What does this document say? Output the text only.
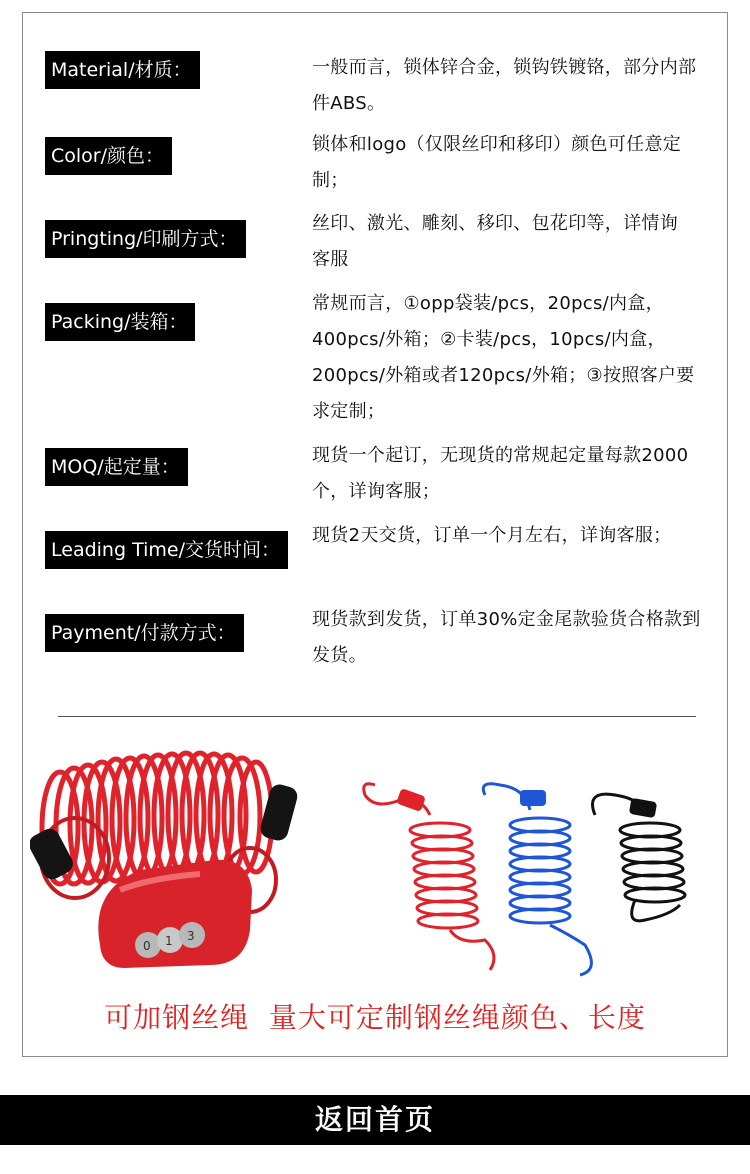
Material/材质：	一般而言，锁体锌合金，锁钩铁镀铬，部分内部件ABS。
Color/颜色：
锁体和logo（仅限丝印和移印）颜色可任意定制；
Pringting/印刷方式：
丝印、激光、雕刻、移印、包花印等，详情询客服
Packing/装箱：
常规而言，①opp袋装/pcs，20pcs/内盒，400pcs/外箱；②卡装/pcs，10pcs/内盒，200pcs/外箱或者120pcs/外箱；③按照客户要求定制；
MOQ/起定量：
现货一个起订，无现货的常规起定量每款2000个，详询客服；
Leading Time/交货时间：
现货2天交货，订单一个月左右，详询客服；
Payment/付款方式：
现货款到发货，订单30%定金尾款验货合格款到发货。
0 1 3
可加钢丝绳  量大可定制钢丝绳颜色、长度
返回首页
